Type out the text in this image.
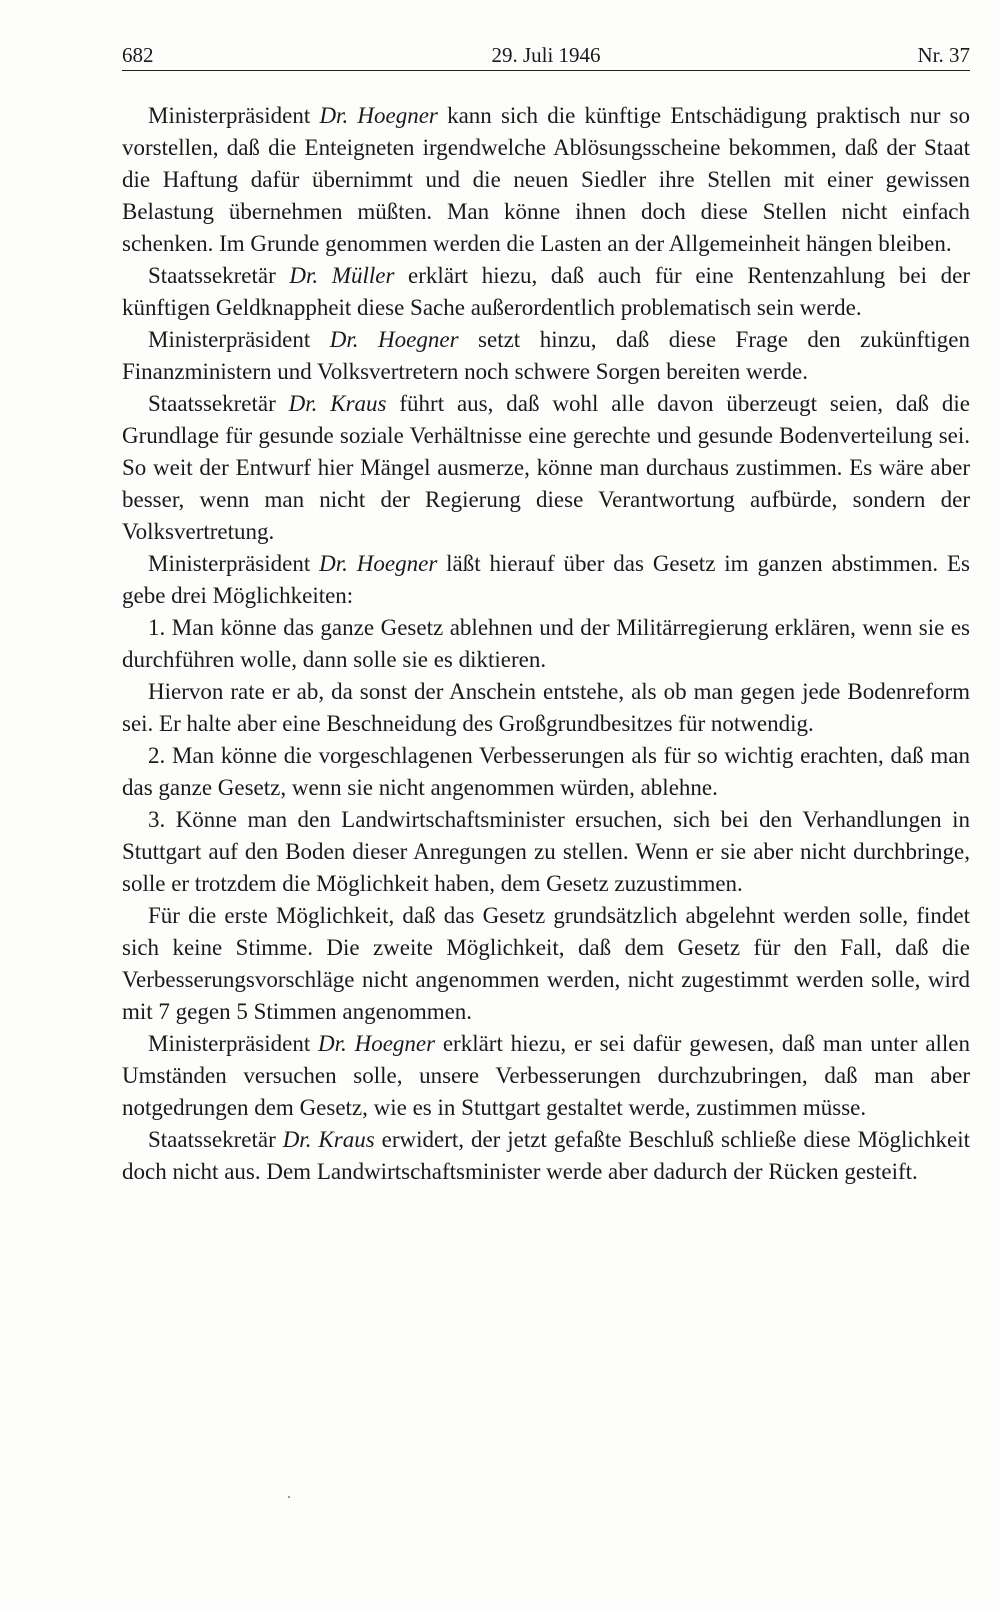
682	29. Juli 1946	Nr. 37

Ministerpräsident Dr. Hoegner kann sich die künftige Entschädigung praktisch nur so vorstellen, daß die Enteigneten irgendwelche Ablösungsscheine bekommen, daß der Staat die Haftung dafür übernimmt und die neuen Siedler ihre Stellen mit einer gewissen Belastung übernehmen müßten. Man könne ihnen doch diese Stellen nicht einfach schenken. Im Grunde genommen werden die Lasten an der Allgemeinheit hängen bleiben.

Staatssekretär Dr. Müller erklärt hiezu, daß auch für eine Rentenzahlung bei der künftigen Geldknappheit diese Sache außerordentlich problematisch sein werde.

Ministerpräsident Dr. Hoegner setzt hinzu, daß diese Frage den zukünftigen Finanzministern und Volksvertretern noch schwere Sorgen bereiten werde.

Staatssekretär Dr. Kraus führt aus, daß wohl alle davon überzeugt seien, daß die Grundlage für gesunde soziale Verhältnisse eine gerechte und gesunde Bodenverteilung sei. So weit der Entwurf hier Mängel ausmerze, könne man durchaus zustimmen. Es wäre aber besser, wenn man nicht der Regierung diese Verantwortung aufbürde, sondern der Volksvertretung.

Ministerpräsident Dr. Hoegner läßt hierauf über das Gesetz im ganzen abstimmen. Es gebe drei Möglichkeiten:

1. Man könne das ganze Gesetz ablehnen und der Militärregierung erklären, wenn sie es durchführen wolle, dann solle sie es diktieren.

Hiervon rate er ab, da sonst der Anschein entstehe, als ob man gegen jede Bodenreform sei. Er halte aber eine Beschneidung des Großgrundbesitzes für notwendig.

2. Man könne die vorgeschlagenen Verbesserungen als für so wichtig erachten, daß man das ganze Gesetz, wenn sie nicht angenommen würden, ablehne.

3. Könne man den Landwirtschaftsminister ersuchen, sich bei den Verhandlungen in Stuttgart auf den Boden dieser Anregungen zu stellen. Wenn er sie aber nicht durchbringe, solle er trotzdem die Möglichkeit haben, dem Gesetz zuzustimmen.

Für die erste Möglichkeit, daß das Gesetz grundsätzlich abgelehnt werden solle, findet sich keine Stimme. Die zweite Möglichkeit, daß dem Gesetz für den Fall, daß die Verbesserungsvorschläge nicht angenommen werden, nicht zugestimmt werden solle, wird mit 7 gegen 5 Stimmen angenommen.

Ministerpräsident Dr. Hoegner erklärt hiezu, er sei dafür gewesen, daß man unter allen Umständen versuchen solle, unsere Verbesserungen durchzubringen, daß man aber notgedrungen dem Gesetz, wie es in Stuttgart gestaltet werde, zustimmen müsse.

Staatssekretär Dr. Kraus erwidert, der jetzt gefaßte Beschluß schließe diese Möglichkeit doch nicht aus. Dem Landwirtschaftsminister werde aber dadurch der Rücken gesteift.
